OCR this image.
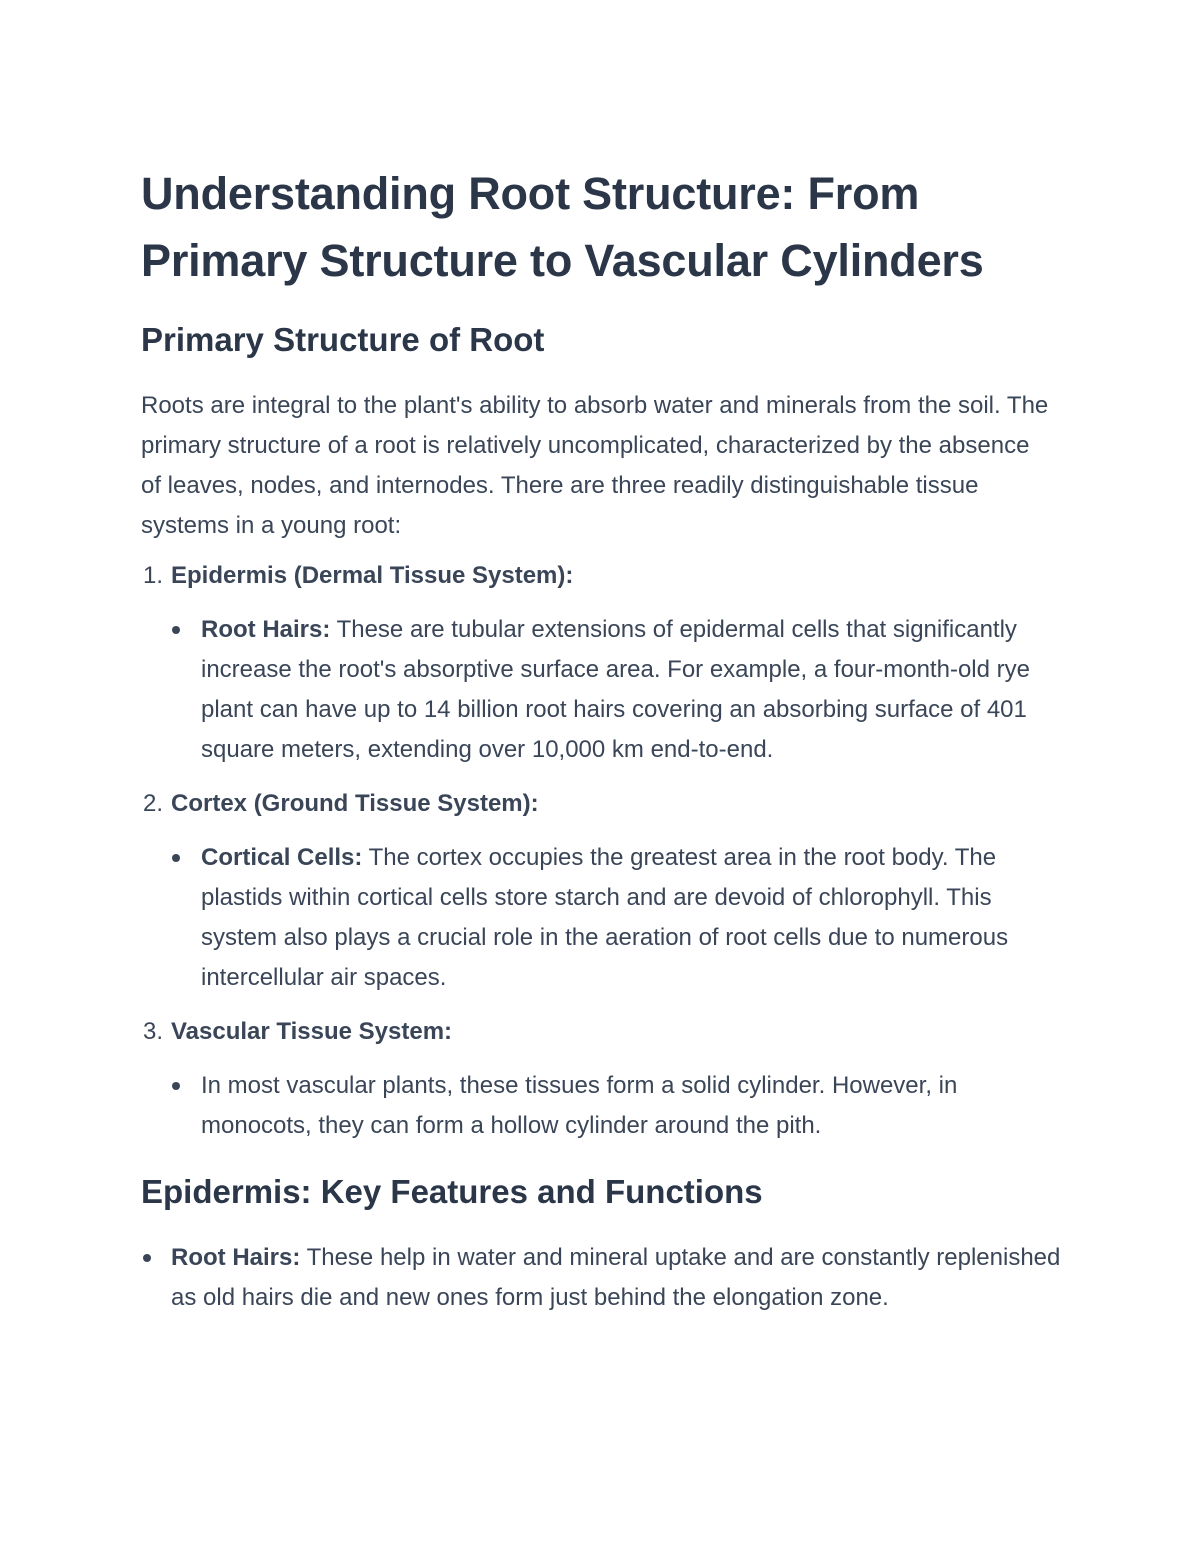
Understanding Root Structure: From Primary Structure to Vascular Cylinders
Primary Structure of Root

Roots are integral to the plant's ability to absorb water and minerals from the soil. The primary structure of a root is relatively uncomplicated, characterized by the absence of leaves, nodes, and internodes. There are three readily distinguishable tissue systems in a young root:

1. Epidermis (Dermal Tissue System):
Root Hairs: These are tubular extensions of epidermal cells that significantly increase the root's absorptive surface area. For example, a four-month-old rye plant can have up to 14 billion root hairs covering an absorbing surface of 401 square meters, extending over 10,000 km end-to-end.
2. Cortex (Ground Tissue System):
Cortical Cells: The cortex occupies the greatest area in the root body. The plastids within cortical cells store starch and are devoid of chlorophyll. This system also plays a crucial role in the aeration of root cells due to numerous intercellular air spaces.
3. Vascular Tissue System:
In most vascular plants, these tissues form a solid cylinder. However, in monocots, they can form a hollow cylinder around the pith.
Epidermis: Key Features and Functions
Root Hairs: These help in water and mineral uptake and are constantly replenished as old hairs die and new ones form just behind the elongation zone.
